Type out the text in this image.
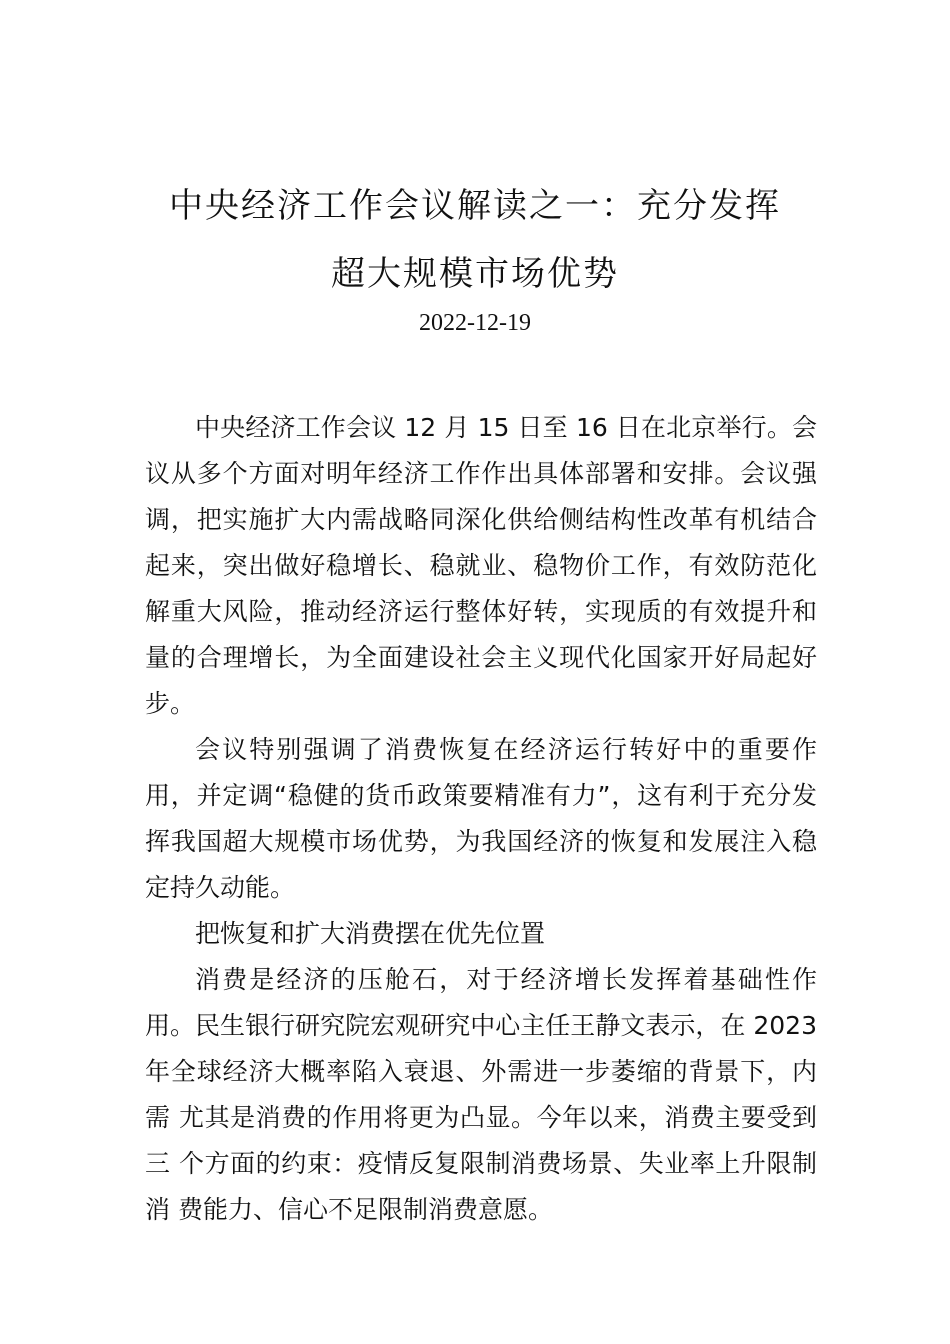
中央经济工作会议解读之一：充分发挥
超大规模市场优势
2022-12-19

中央经济工作会议 12 月 15 日至 16 日在北京举行。会议从多个方面对明年经济工作作出具体部署和安排。会议强调，把实施扩大内需战略同深化供给侧结构性改革有机结合起来，突出做好稳增长、稳就业、稳物价工作，有效防范化解重大风险，推动经济运行整体好转，实现质的有效提升和量的合理增长，为全面建设社会主义现代化国家开好局起好步。

会议特别强调了消费恢复在经济运行转好中的重要作用，并定调“稳健的货币政策要精准有力”，这有利于充分发挥我国超大规模市场优势，为我国经济的恢复和发展注入稳定持久动能。

把恢复和扩大消费摆在优先位置

消费是经济的压舱石，对于经济增长发挥着基础性作用。民生银行研究院宏观研究中心主任王静文表示，在 2023 年全球经济大概率陷入衰退、外需进一步萎缩的背景下，内需 尤其是消费的作用将更为凸显。今年以来，消费主要受到三 个方面的约束：疫情反复限制消费场景、失业率上升限制消 费能力、信心不足限制消费意愿。
